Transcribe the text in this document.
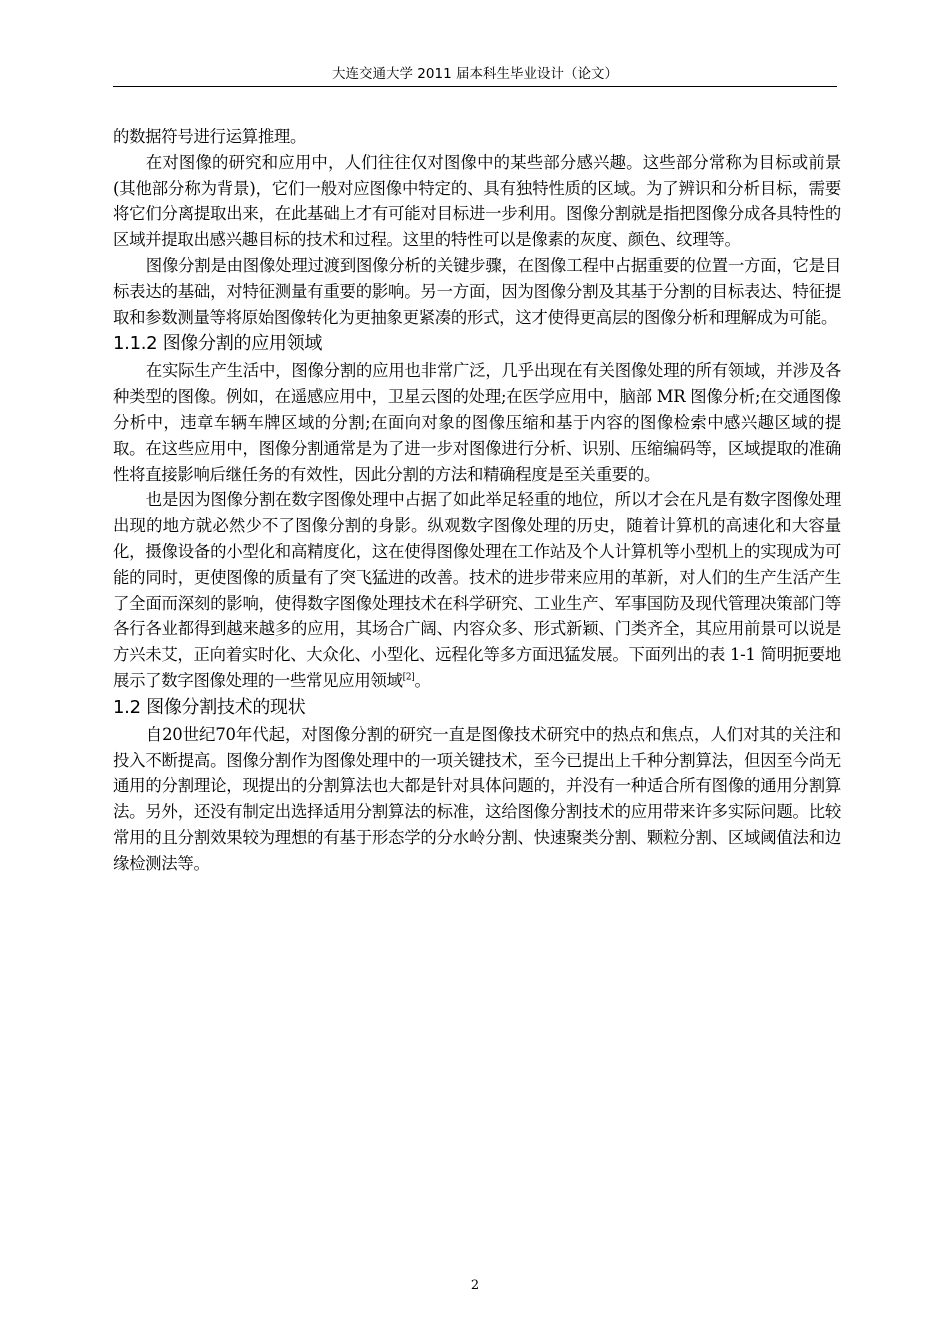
大连交通大学 2011 届本科生毕业设计（论文）

的数据符号进行运算推理。

在对图像的研究和应用中，人们往往仅对图像中的某些部分感兴趣。这些部分常称为目标或前景(其他部分称为背景)，它们一般对应图像中特定的、具有独特性质的区域。为了辨识和分析目标，需要将它们分离提取出来，在此基础上才有可能对目标进一步利用。图像分割就是指把图像分成各具特性的区域并提取出感兴趣目标的技术和过程。这里的特性可以是像素的灰度、颜色、纹理等。

图像分割是由图像处理过渡到图像分析的关键步骤，在图像工程中占据重要的位置一方面，它是目标表达的基础，对特征测量有重要的影响。另一方面，因为图像分割及其基于分割的目标表达、特征提取和参数测量等将原始图像转化为更抽象更紧凑的形式，这才使得更高层的图像分析和理解成为可能。

1.1.2 图像分割的应用领域

在实际生产生活中，图像分割的应用也非常广泛，几乎出现在有关图像处理的所有领域，并涉及各种类型的图像。例如，在遥感应用中，卫星云图的处理;在医学应用中，脑部 MR 图像分析;在交通图像分析中，违章车辆车牌区域的分割;在面向对象的图像压缩和基于内容的图像检索中感兴趣区域的提取。在这些应用中，图像分割通常是为了进一步对图像进行分析、识别、压缩编码等，区域提取的准确性将直接影响后继任务的有效性，因此分割的方法和精确程度是至关重要的。

也是因为图像分割在数字图像处理中占据了如此举足轻重的地位，所以才会在凡是有数字图像处理出现的地方就必然少不了图像分割的身影。纵观数字图像处理的历史，随着计算机的高速化和大容量化，摄像设备的小型化和高精度化，这在使得图像处理在工作站及个人计算机等小型机上的实现成为可能的同时，更使图像的质量有了突飞猛进的改善。技术的进步带来应用的革新，对人们的生产生活产生了全面而深刻的影响，使得数字图像处理技术在科学研究、工业生产、军事国防及现代管理决策部门等各行各业都得到越来越多的应用，其场合广阔、内容众多、形式新颖、门类齐全，其应用前景可以说是方兴未艾，正向着实时化、大众化、小型化、远程化等多方面迅猛发展。下面列出的表 1-1 简明扼要地展示了数字图像处理的一些常见应用领域[2]。

1.2 图像分割技术的现状

自20世纪70年代起，对图像分割的研究一直是图像技术研究中的热点和焦点，人们对其的关注和投入不断提高。图像分割作为图像处理中的一项关键技术，至今已提出上千种分割算法，但因至今尚无通用的分割理论，现提出的分割算法也大都是针对具体问题的，并没有一种适合所有图像的通用分割算法。另外，还没有制定出选择适用分割算法的标准，这给图像分割技术的应用带来许多实际问题。比较常用的且分割效果较为理想的有基于形态学的分水岭分割、快速聚类分割、颗粒分割、区域阈值法和边缘检测法等。

2
